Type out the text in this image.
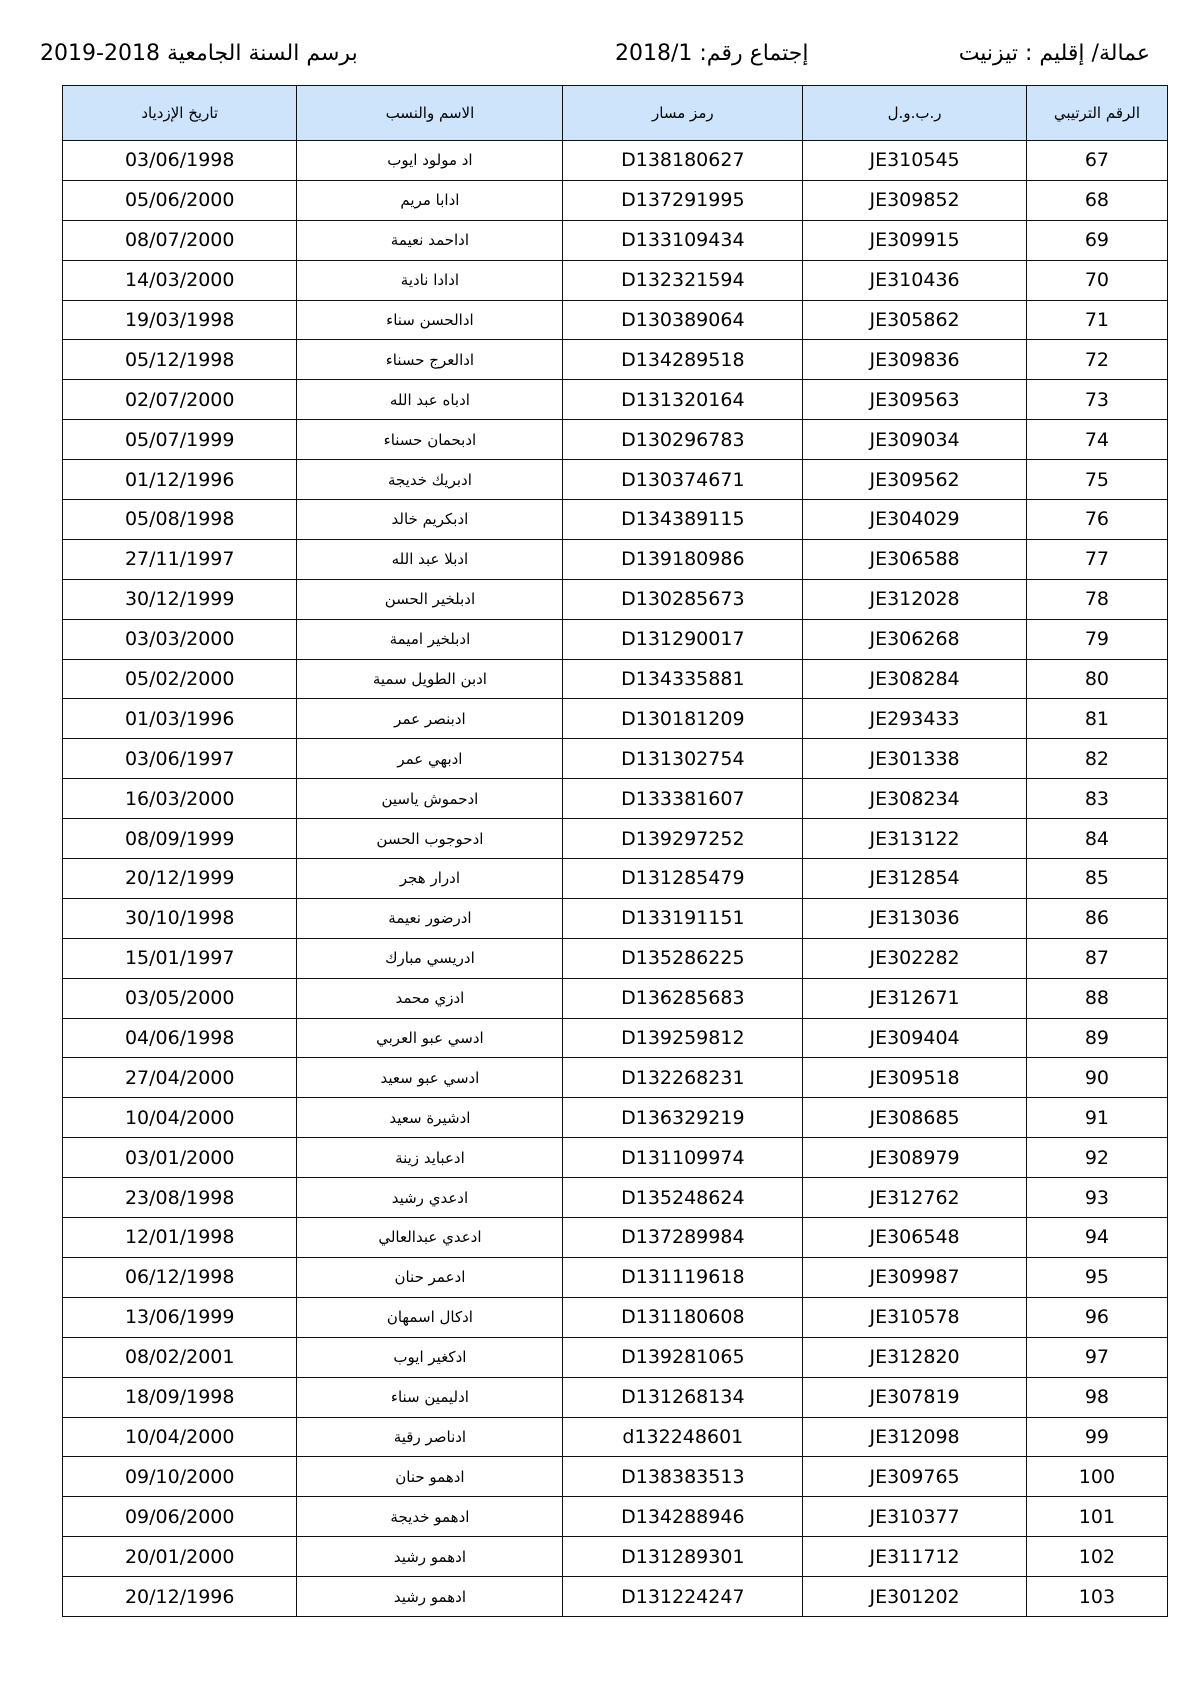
برسم السنة الجامعية 2018-2019	إجتماع رقم: 2018/1	عمالة/ إقليم : تيزنيت
تاريخ الإزدياد	الاسم والنسب	رمز مسار	ر.ب.و.ل	الرقم الترتيبي
03/06/1998	اد مولود ايوب	D138180627	JE310545	67
05/06/2000	ادابا مريم	D137291995	JE309852	68
08/07/2000	اداحمد نعيمة	D133109434	JE309915	69
14/03/2000	ادادا نادية	D132321594	JE310436	70
19/03/1998	ادالحسن سناء	D130389064	JE305862	71
05/12/1998	ادالعرج حسناء	D134289518	JE309836	72
02/07/2000	ادباه عبد الله	D131320164	JE309563	73
05/07/1999	ادبحمان حسناء	D130296783	JE309034	74
01/12/1996	ادبريك خديجة	D130374671	JE309562	75
05/08/1998	ادبكريم خالد	D134389115	JE304029	76
27/11/1997	ادبلا عبد الله	D139180986	JE306588	77
30/12/1999	ادبلخير الحسن	D130285673	JE312028	78
03/03/2000	ادبلخير اميمة	D131290017	JE306268	79
05/02/2000	ادبن الطويل سمية	D134335881	JE308284	80
01/03/1996	ادبنصر عمر	D130181209	JE293433	81
03/06/1997	ادبهي عمر	D131302754	JE301338	82
16/03/2000	ادحموش ياسين	D133381607	JE308234	83
08/09/1999	ادحوجوب الحسن	D139297252	JE313122	84
20/12/1999	ادرار هجر	D131285479	JE312854	85
30/10/1998	ادرضور نعيمة	D133191151	JE313036	86
15/01/1997	ادريسي مبارك	D135286225	JE302282	87
03/05/2000	ادزي محمد	D136285683	JE312671	88
04/06/1998	ادسي عبو العربي	D139259812	JE309404	89
27/04/2000	ادسي عبو سعيد	D132268231	JE309518	90
10/04/2000	ادشيرة سعيد	D136329219	JE308685	91
03/01/2000	ادعبايد زينة	D131109974	JE308979	92
23/08/1998	ادعدي رشيد	D135248624	JE312762	93
12/01/1998	ادعدي عبدالعالي	D137289984	JE306548	94
06/12/1998	ادعمر حنان	D131119618	JE309987	95
13/06/1999	ادكال اسمهان	D131180608	JE310578	96
08/02/2001	ادكغير ايوب	D139281065	JE312820	97
18/09/1998	ادليمين سناء	D131268134	JE307819	98
10/04/2000	ادناصر رقية	d132248601	JE312098	99
09/10/2000	ادهمو حنان	D138383513	JE309765	100
09/06/2000	ادهمو خديجة	D134288946	JE310377	101
20/01/2000	ادهمو رشيد	D131289301	JE311712	102
20/12/1996	ادهمو رشيد	D131224247	JE301202	103
